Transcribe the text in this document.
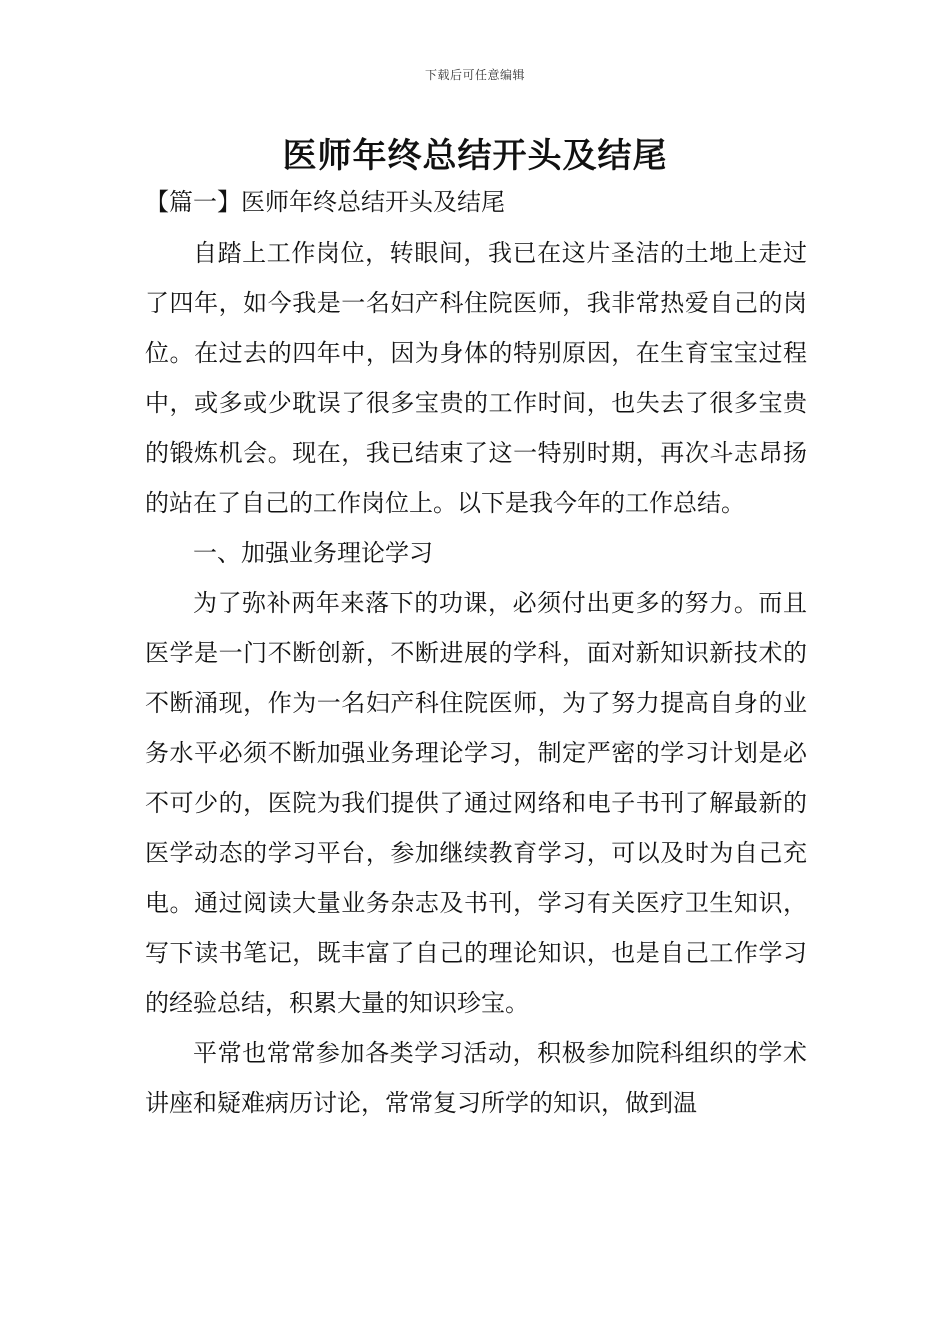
下载后可任意编辑
医师年终总结开头及结尾
【篇一】医师年终总结开头及结尾

自踏上工作岗位，转眼间，我已在这片圣洁的土地上走过了四年，如今我是一名妇产科住院医师，我非常热爱自己的岗位。在过去的四年中，因为身体的特别原因，在生育宝宝过程中，或多或少耽误了很多宝贵的工作时间，也失去了很多宝贵的锻炼机会。现在，我已结束了这一特别时期，再次斗志昂扬的站在了自己的工作岗位上。以下是我今年的工作总结。

一、加强业务理论学习

为了弥补两年来落下的功课，必须付出更多的努力。而且医学是一门不断创新，不断进展的学科，面对新知识新技术的不断涌现，作为一名妇产科住院医师，为了努力提高自身的业务水平必须不断加强业务理论学习，制定严密的学习计划是必不可少的，医院为我们提供了通过网络和电子书刊了解最新的医学动态的学习平台，参加继续教育学习，可以及时为自己充电。通过阅读大量业务杂志及书刊，学习有关医疗卫生知识，写下读书笔记，既丰富了自己的理论知识，也是自己工作学习的经验总结，积累大量的知识珍宝。

平常也常常参加各类学习活动，积极参加院科组织的学术讲座和疑难病历讨论，常常复习所学的知识，做到温
